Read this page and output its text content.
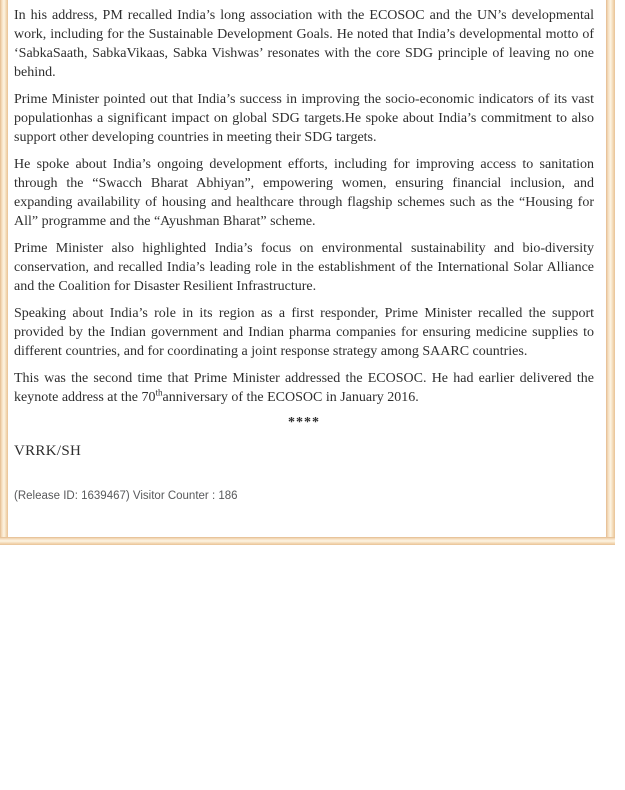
In his address, PM recalled India’s long association with the ECOSOC and the UN’s developmental work, including for the Sustainable Development Goals. He noted that India’s developmental motto of ‘SabkaSaath, SabkaVikaas, Sabka Vishwas’ resonates with the core SDG principle of leaving no one behind.

Prime Minister pointed out that India’s success in improving the socio-economic indicators of its vast populationhas a significant impact on global SDG targets.He spoke about India’s commitment to also support other developing countries in meeting their SDG targets.

He spoke about India’s ongoing development efforts, including for improving access to sanitation through the “Swacch Bharat Abhiyan”, empowering women, ensuring financial inclusion, and expanding availability of housing and healthcare through flagship schemes such as the “Housing for All” programme and the “Ayushman Bharat” scheme.

Prime Minister also highlighted India’s focus on environmental sustainability and bio-diversity conservation, and recalled India’s leading role in the establishment of the International Solar Alliance and the Coalition for Disaster Resilient Infrastructure.

Speaking about India’s role in its region as a first responder, Prime Minister recalled the support provided by the Indian government and Indian pharma companies for ensuring medicine supplies to different countries, and for coordinating a joint response strategy among SAARC countries.

This was the second time that Prime Minister addressed the ECOSOC. He had earlier delivered the keynote address at the 70thanniversary of the ECOSOC in January 2016.

****
VRRK/SH
(Release ID: 1639467) Visitor Counter : 186
